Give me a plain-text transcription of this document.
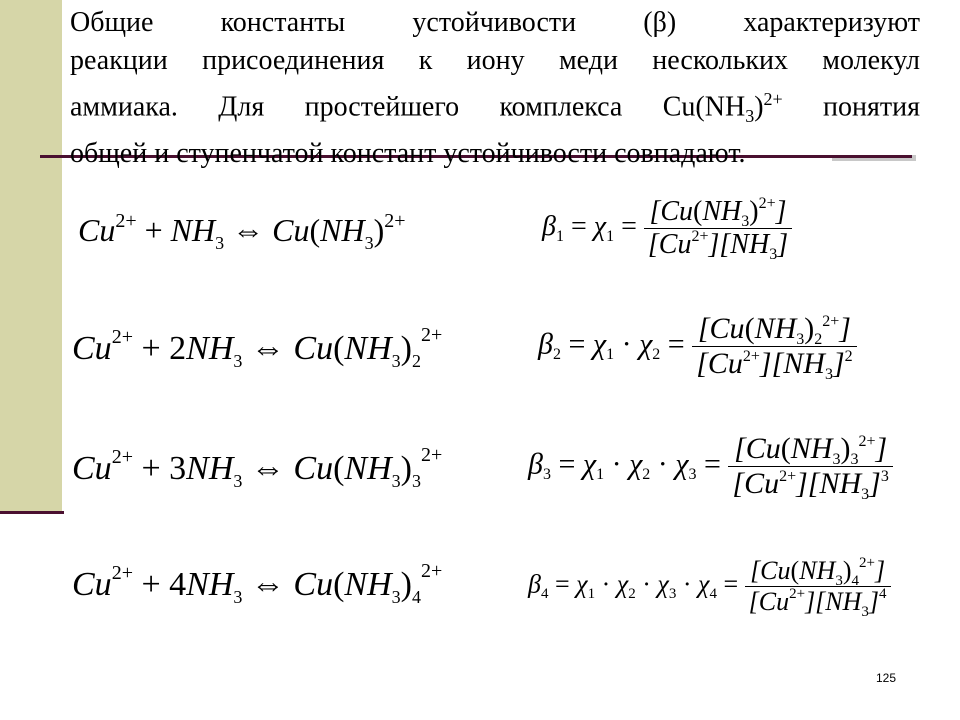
Общие константы устойчивости (β) характеризуют
реакции присоединения к иону меди нескольких молекул
аммиака. Для простейшего комплекса $Cu(NH_3)^{2+}$ понятия
общей и ступенчатой констант устойчивости совпадают.
$Cu^{2+} + NH_3$ ⇔ $Cu(NH_3)^{2+}$	$\beta_1 = \chi_1 = \frac{[Cu(NH_3)^{2+}]}{[Cu^{2+}][NH_3]}$
$Cu^{2+} + 2NH_3$ ⇔ $Cu(NH_3)_2^{2+}$	$\beta_2 = \chi_1 \cdot \chi_2 = \frac{[Cu(NH_3)_2^{2+}]}{[Cu^{2+}][NH_3]^2}$
$Cu^{2+} + 3NH_3$ ⇔ $Cu(NH_3)_3^{2+}$	$\beta_3 = \chi_1 \cdot \chi_2 \cdot \chi_3 = \frac{[Cu(NH_3)_3^{2+}]}{[Cu^{2+}][NH_3]^3}$
$Cu^{2+} + 4NH_3$ ⇔ $Cu(NH_3)_4^{2+}$	$\beta_4 = \chi_1 \cdot \chi_2 \cdot \chi_3 \cdot \chi_4 = \frac{[Cu(NH_3)_4^{2+}]}{[Cu^{2+}][NH_3]^4}$
125
